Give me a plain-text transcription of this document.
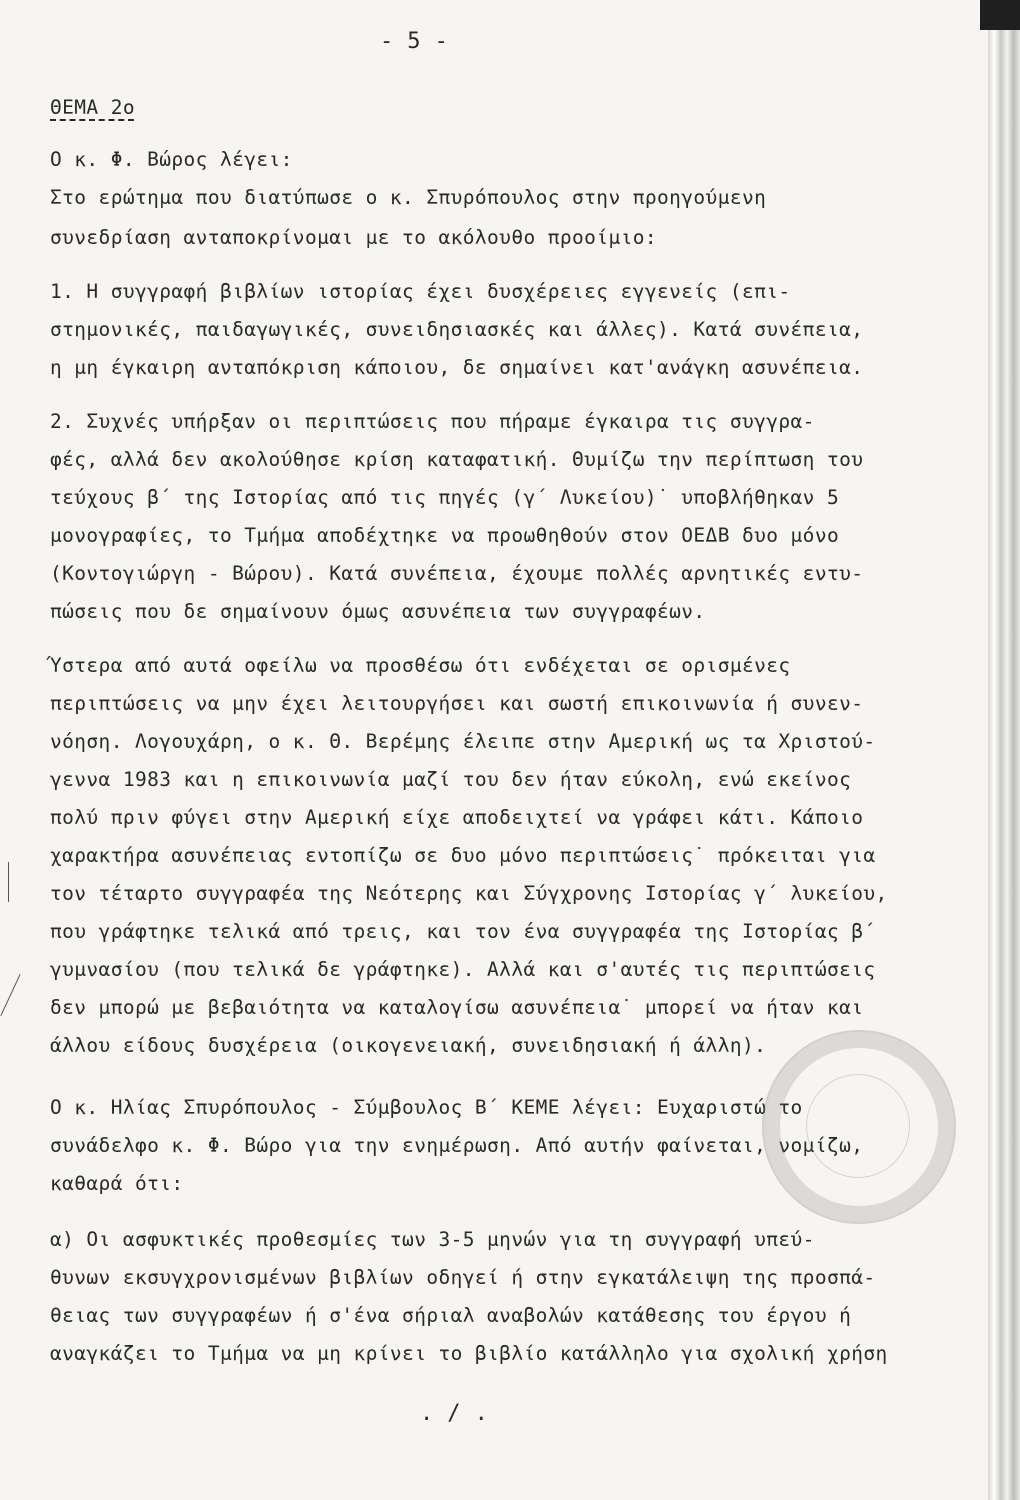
- 5 -
ΘΕΜΑ 2ο
Ο κ. Φ. Βώρος λέγει:
Στο ερώτημα που διατύπωσε ο κ. Σπυρόπουλος στην προηγούμενη
συνεδρίαση ανταποκρίνομαι με το ακόλουθο προοίμιο:
1. Η συγγραφή βιβλίων ιστορίας έχει δυσχέρειες εγγενείς (επι-
στημονικές, παιδαγωγικές, συνειδησιασκές και άλλες). Κατά συνέπεια,
η μη έγκαιρη ανταπόκριση κάποιου, δε σημαίνει κατ'ανάγκη ασυνέπεια.
2. Συχνές υπήρξαν οι περιπτώσεις που πήραμε έγκαιρα τις συγγρα-
φές, αλλά δεν ακολούθησε κρίση καταφατική. Θυμίζω την περίπτωση του
τεύχους β΄ της Ιστορίας από τις πηγές (γ΄ Λυκείου)˙ υποβλήθηκαν 5
μονογραφίες, το Τμήμα αποδέχτηκε να προωθηθούν στον ΟΕΔΒ δυο μόνο
(Κοντογιώργη - Βώρου). Κατά συνέπεια, έχουμε πολλές αρνητικές εντυ-
πώσεις που δε σημαίνουν όμως ασυνέπεια των συγγραφέων.
Ύστερα από αυτά οφείλω να προσθέσω ότι ενδέχεται σε ορισμένες
περιπτώσεις να μην έχει λειτουργήσει και σωστή επικοινωνία ή συνεν-
νόηση. Λογουχάρη, ο κ. Θ. Βερέμης έλειπε στην Αμερική ως τα Χριστού-
γεννα 1983 και η επικοινωνία μαζί του δεν ήταν εύκολη, ενώ εκείνος
πολύ πριν φύγει στην Αμερική είχε αποδειχτεί να γράφει κάτι. Κάποιο
χαρακτήρα ασυνέπειας εντοπίζω σε δυο μόνο περιπτώσεις˙ πρόκειται για
τον τέταρτο συγγραφέα της Νεότερης και Σύγχρονης Ιστορίας γ΄ λυκείου,
που γράφτηκε τελικά από τρεις, και τον ένα συγγραφέα της Ιστορίας β΄
γυμνασίου (που τελικά δε γράφτηκε). Αλλά και σ'αυτές τις περιπτώσεις
δεν μπορώ με βεβαιότητα να καταλογίσω ασυνέπεια˙ μπορεί να ήταν και
άλλου είδους δυσχέρεια (οικογενειακή, συνειδησιακή ή άλλη).
Ο κ. Ηλίας Σπυρόπουλος - Σύμβουλος Β΄ ΚΕΜΕ λέγει: Ευχαριστώ το
συνάδελφο κ. Φ. Βώρο για την ενημέρωση. Από αυτήν φαίνεται, νομίζω,
καθαρά ότι:
α) Οι ασφυκτικές προθεσμίες των 3-5 μηνών για τη συγγραφή υπεύ-
θυνων εκσυγχρονισμένων βιβλίων οδηγεί ή στην εγκατάλειψη της προσπά-
θειας των συγγραφέων ή σ'ένα σήριαλ αναβολών κατάθεσης του έργου ή
αναγκάζει το Τμήμα να μη κρίνει το βιβλίο κατάλληλο για σχολική χρήση
. / .
